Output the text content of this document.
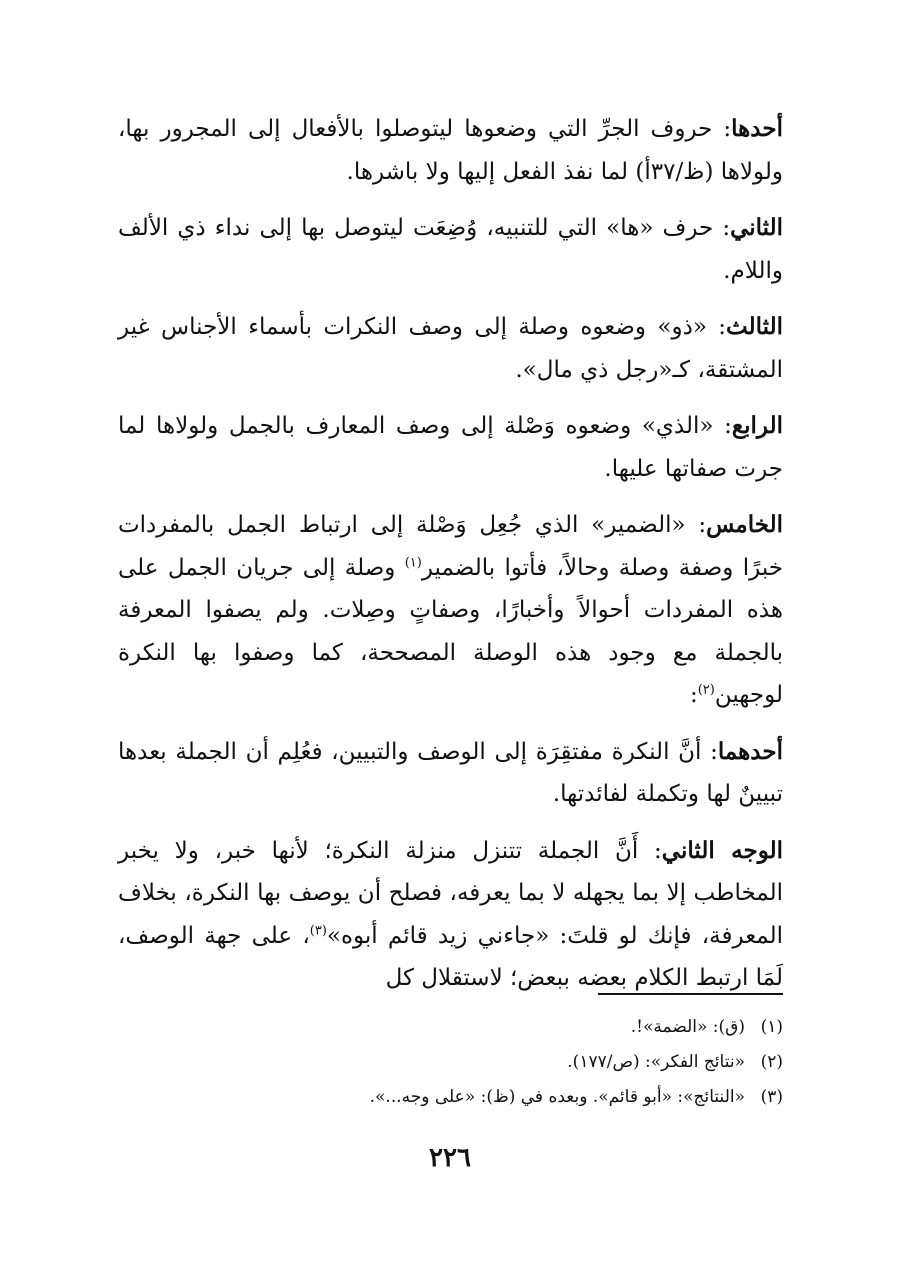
أحدها: حروف الجرِّ التي وضعوها ليتوصلوا بالأفعال إلى المجرور بها، ولولاها (ظ/٣٧أ) لما نفذ الفعل إليها ولا باشرها.

الثاني: حرف «ها» التي للتنبيه، وُضِعَت ليتوصل بها إلى نداء ذي الألف واللام.

الثالث: «ذو» وضعوه وصلة إلى وصف النكرات بأسماء الأجناس غير المشتقة، كـ«رجل ذي مال».

الرابع: «الذي» وضعوه وَصْلة إلى وصف المعارف بالجمل ولولاها لما جرت صفاتها عليها.

الخامس: «الضمير» الذي جُعِل وَصْلة إلى ارتباط الجمل بالمفردات خبرًا وصفة وصلة وحالاً، فأتوا بالضمير$^{(١)}$ وصلة إلى جريان الجمل على هذه المفردات أحوالاً وأخبارًا، وصفاتٍ وصِلات. ولم يصفوا المعرفة بالجملة مع وجود هذه الوصلة المصححة، كما وصفوا بها النكرة لوجهين$^{(٢)}$:

أحدهما: أنَّ النكرة مفتقِرَة إلى الوصف والتبيين، فعُلِم أن الجملة بعدها تبيينٌ لها وتكملة لفائدتها.

الوجه الثاني: أَنَّ الجملة تتنزل منزلة النكرة؛ لأنها خبر، ولا يخبر المخاطب إلا بما يجهله لا بما يعرفه، فصلح أن يوصف بها النكرة، بخلاف المعرفة، فإنك لو قلتَ: «جاءني زيد قائم أبوه»$^{(٣)}$، على جهة الوصف، لَمَا ارتبط الكلام بعضه ببعض؛ لاستقلال كل

(١)(ق): «الضمة»!.
(٢)«نتائج الفكر»: (ص/١٧٧).
(٣)«النتائج»: «أبو قائم». وبعده في (ظ): «على وجه...».
٢٢٦
